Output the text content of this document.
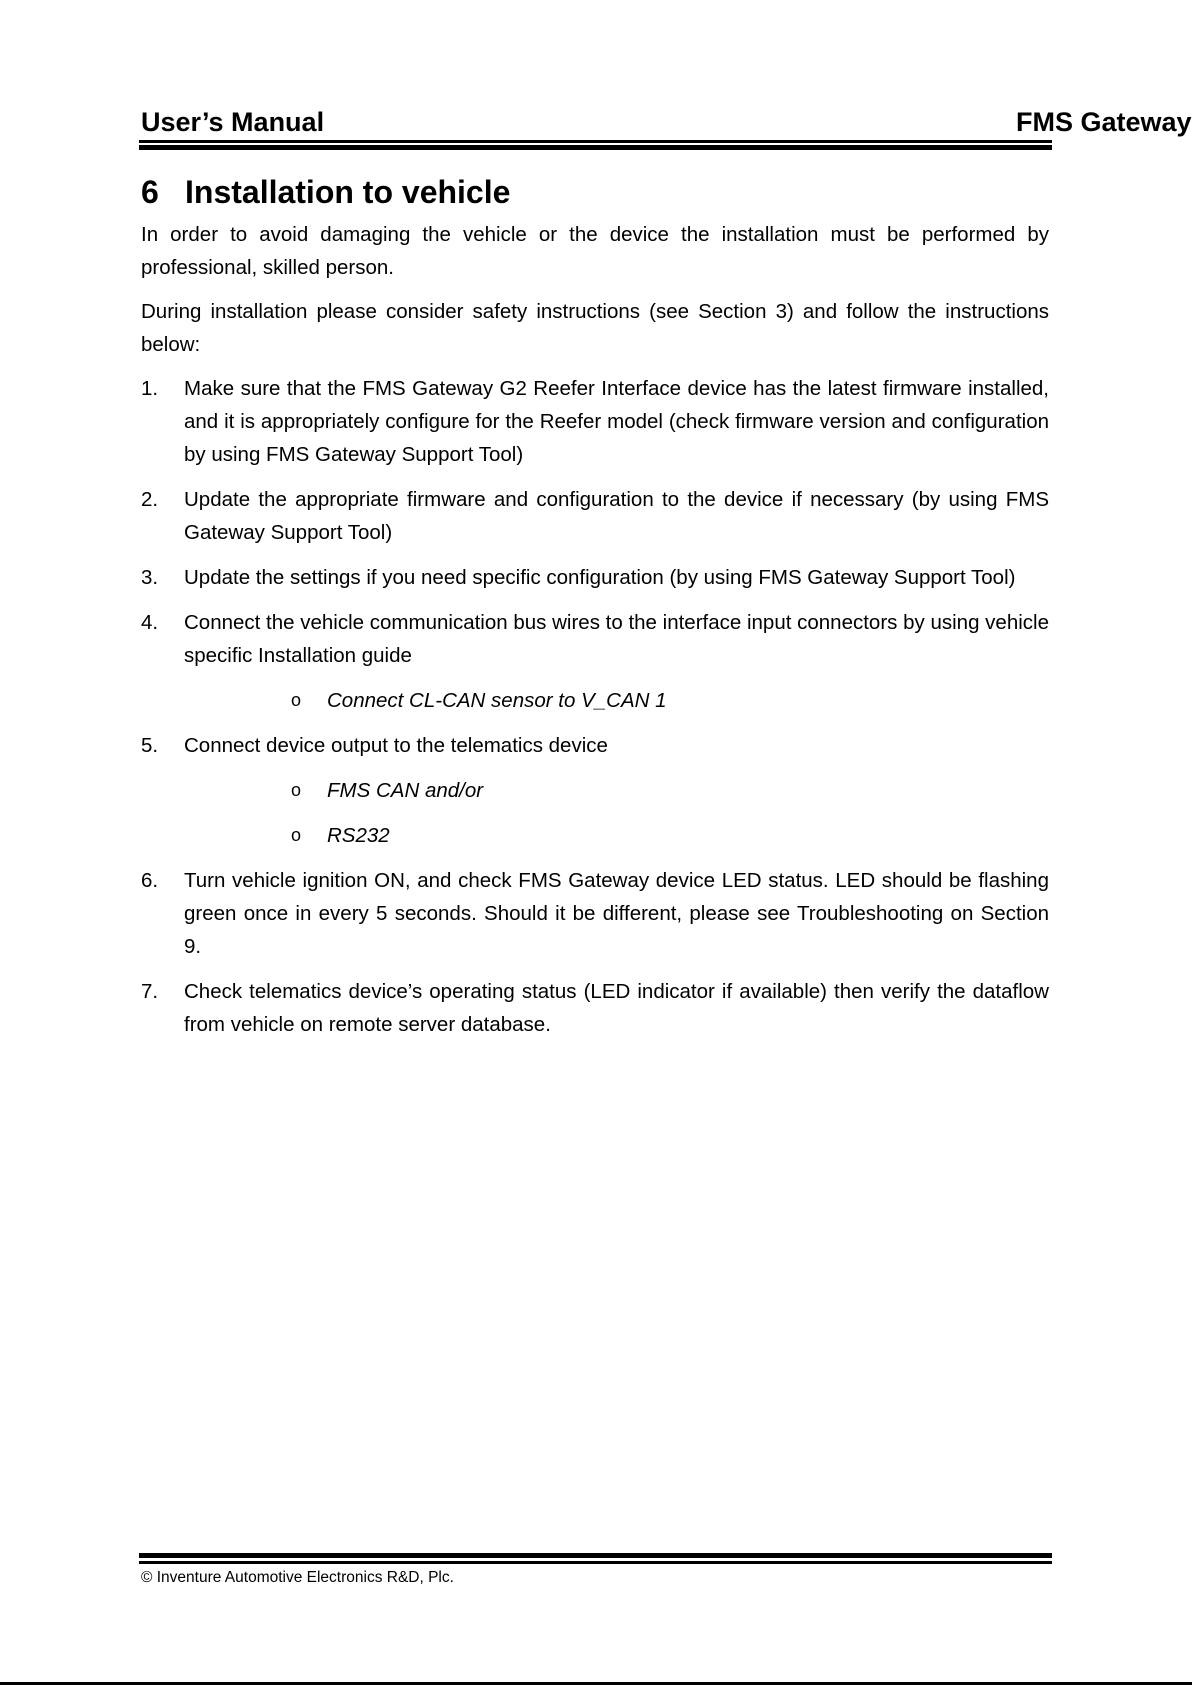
User’s Manual	FMS Gateway
6 Installation to vehicle

In order to avoid damaging the vehicle or the device the installation must be performed by professional, skilled person.

During installation please consider safety instructions (see Section 3) and follow the instructions below:

1.	Make sure that the FMS Gateway G2 Reefer Interface device has the latest firmware installed, and it is appropriately configure for the Reefer model (check firmware version and configuration by using FMS Gateway Support Tool)
2.	Update the appropriate firmware and configuration to the device if necessary (by using FMS Gateway Support Tool)
3.	Update the settings if you need specific configuration (by using FMS Gateway Support Tool)
4.	Connect the vehicle communication bus wires to the interface input connectors by using vehicle specific Installation guide
o	Connect CL-CAN sensor to V_CAN 1
5.	Connect device output to the telematics device
o	FMS CAN and/or
o	RS232
6.	Turn vehicle ignition ON, and check FMS Gateway device LED status. LED should be flashing green once in every 5 seconds. Should it be different, please see Troubleshooting on Section 9.
7.	Check telematics device’s operating status (LED indicator if available) then verify the dataflow from vehicle on remote server database.
© Inventure Automotive Electronics R&D, Plc.
